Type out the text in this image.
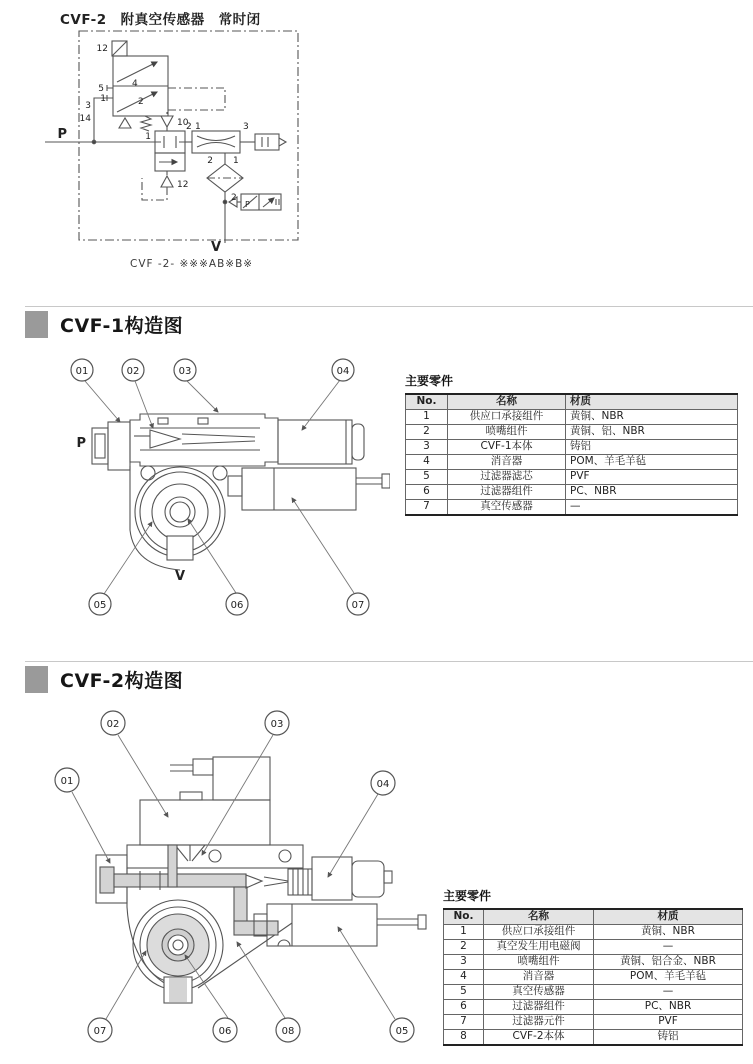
CVF-2　附真空传感器　常时闭
P
V
12
5
1
3
14
4
2
10
1
2 1	3
12
2 1
2
P
CVF -2- ※※※AB※B※
CVF-1构造图
01	02	03	04
05	06	07
P
V

主要零件

No.	名称	材质
1	供应口承接组件	黄铜、NBR
2	喷嘴组件	黄铜、铝、NBR
3	CVF-1本体	铸铝
4	消音器	POM、羊毛羊毡
5	过滤器滤芯	PVF
6	过滤器组件	PC、NBR
7	真空传感器	—
CVF-2构造图
01
02	03
04
05
06
07	08

主要零件

No.	名称	材质
1	供应口承接组件	黄铜、NBR
2	真空发生用电磁阀	—
3	喷嘴组件	黄铜、铝合金、NBR
4	消音器	POM、羊毛羊毡
5	真空传感器	—
6	过滤器组件	PC、NBR
7	过滤器元件	PVF
8	CVF-2本体	铸铝
